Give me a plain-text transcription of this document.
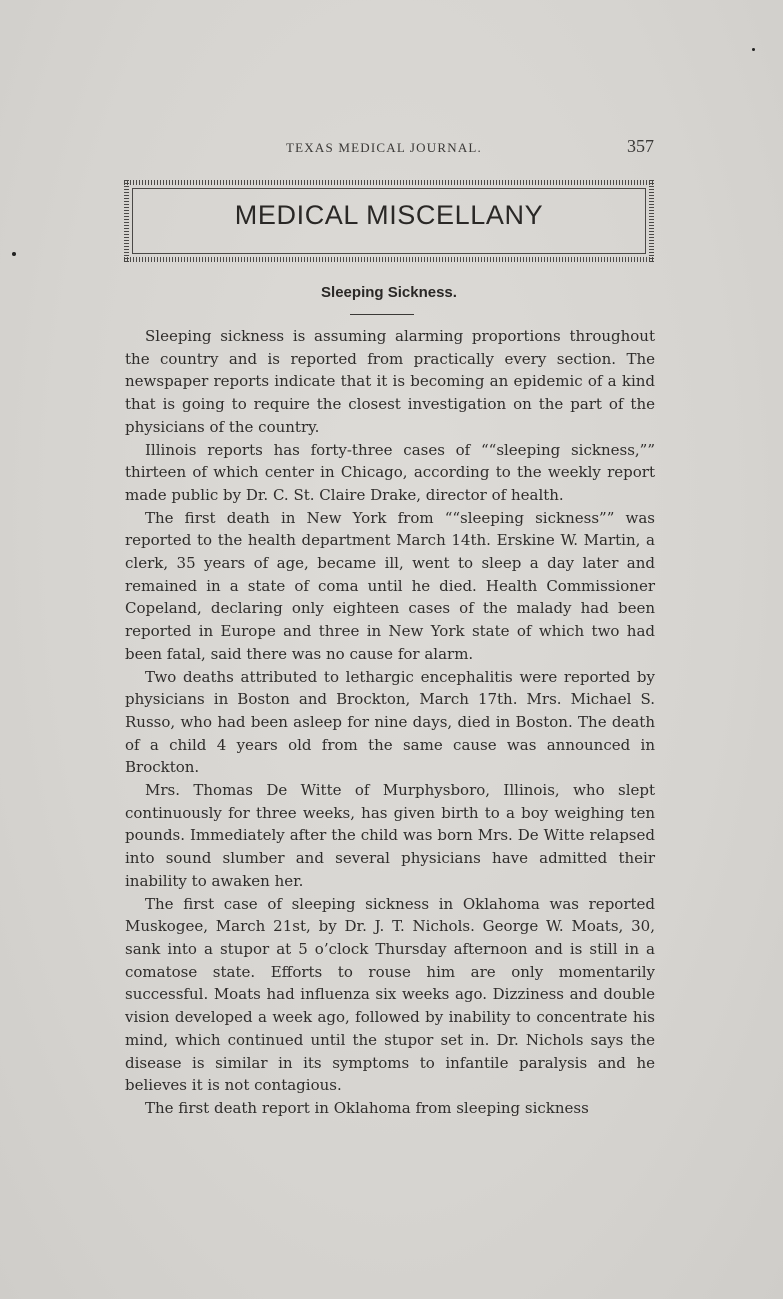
TEXAS MEDICAL JOURNAL.	357
MEDICAL MISCELLANY
Sleeping Sickness.

Sleeping sickness is assuming alarming proportions throughout the country and is reported from practically every section. The newspaper reports indicate that it is becoming an epidemic of a kind that is going to require the closest investigation on the part of the physicians of the country.

Illinois reports has forty-three cases of ““sleeping sickness,”” thirteen of which center in Chicago, according to the weekly report made public by Dr. C. St. Claire Drake, director of health.

The first death in New York from ““sleeping sickness”” was reported to the health department March 14th. Erskine W. Martin, a clerk, 35 years of age, became ill, went to sleep a day later and remained in a state of coma until he died. Health Commissioner Copeland, declaring only eighteen cases of the malady had been reported in Europe and three in New York state of which two had been fatal, said there was no cause for alarm.

Two deaths attributed to lethargic encephalitis were reported by physicians in Boston and Brockton, March 17th. Mrs. Michael S. Russo, who had been asleep for nine days, died in Boston. The death of a child 4 years old from the same cause was announced in Brockton.

Mrs. Thomas De Witte of Murphysboro, Illinois, who slept continuously for three weeks, has given birth to a boy weighing ten pounds. Immediately after the child was born Mrs. De Witte relapsed into sound slumber and several physicians have admitted their inability to awaken her.

The first case of sleeping sickness in Oklahoma was reported Muskogee, March 21st, by Dr. J. T. Nichols. George W. Moats, 30, sank into a stupor at 5 o’clock Thursday afternoon and is still in a comatose state. Efforts to rouse him are only momentarily successful. Moats had influenza six weeks ago. Dizziness and double vision developed a week ago, followed by inability to concentrate his mind, which continued until the stupor set in. Dr. Nichols says the disease is similar in its symptoms to infantile paralysis and he believes it is not contagious.

The first death report in Oklahoma from sleeping sickness
